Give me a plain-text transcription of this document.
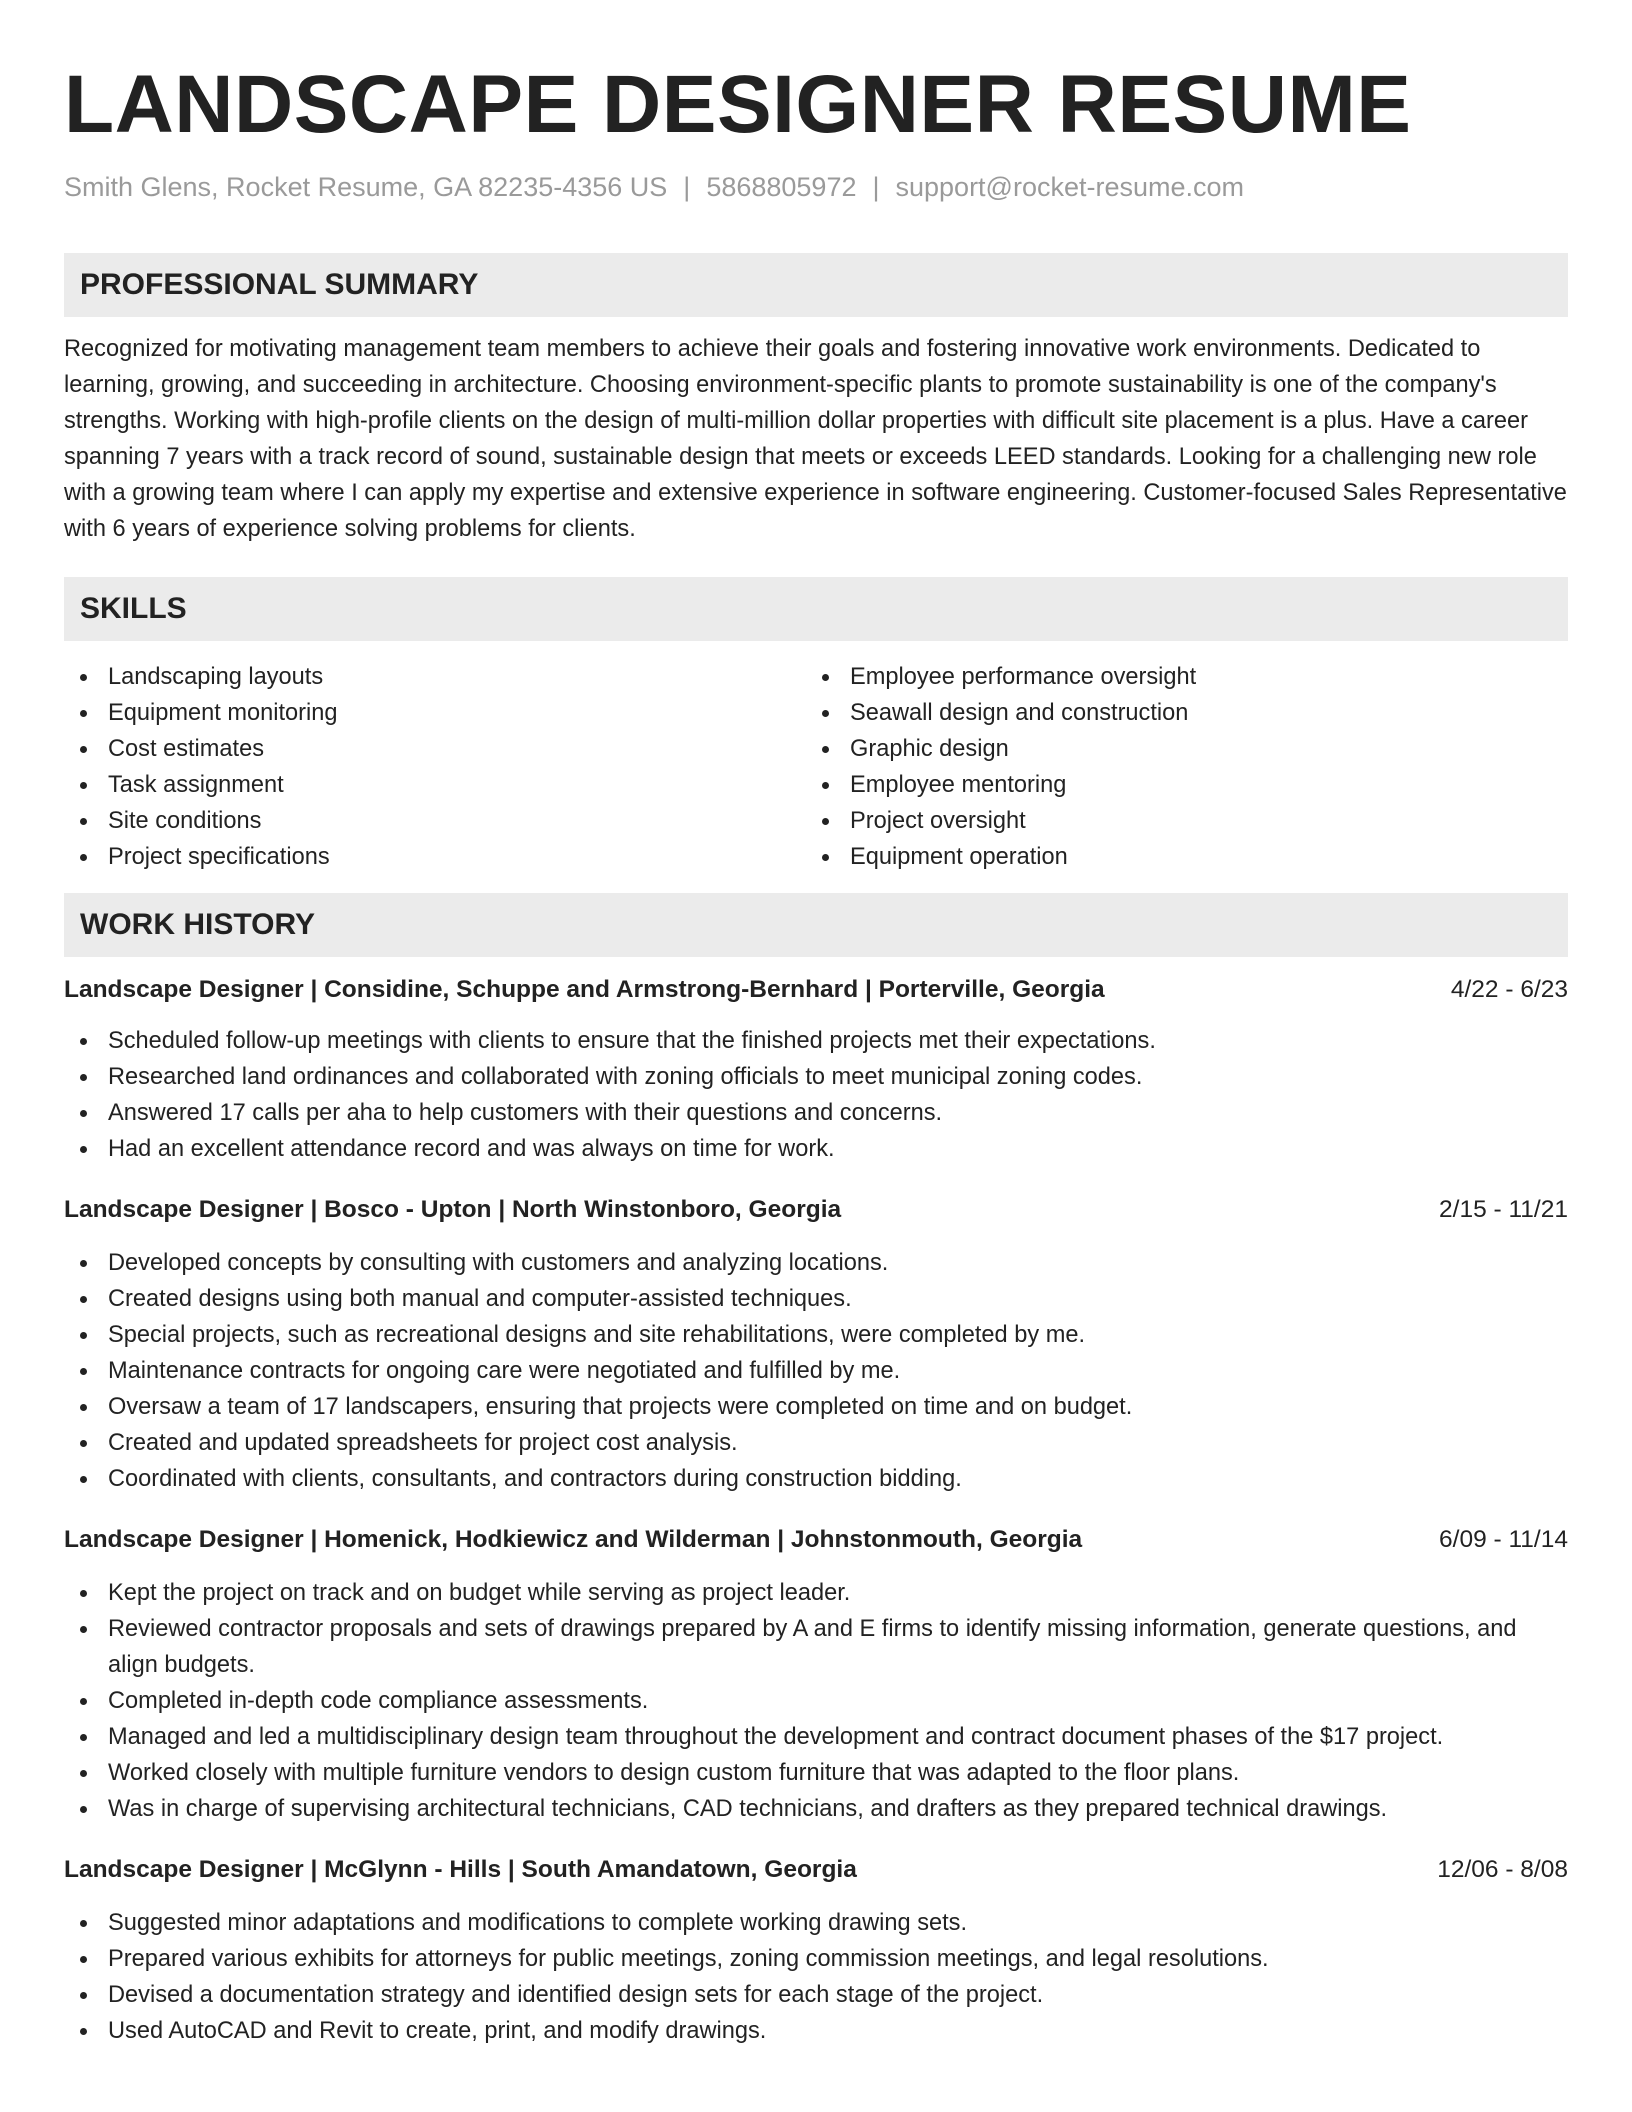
LANDSCAPE DESIGNER RESUME
Smith Glens, Rocket Resume, GA 82235-4356 US | 5868805972 | support@rocket-resume.com
PROFESSIONAL SUMMARY

Recognized for motivating management team members to achieve their goals and fostering innovative work environments. Dedicated to learning, growing, and succeeding in architecture. Choosing environment-specific plants to promote sustainability is one of the company's strengths. Working with high-profile clients on the design of multi-million dollar properties with difficult site placement is a plus. Have a career spanning 7 years with a track record of sound, sustainable design that meets or exceeds LEED standards. Looking for a challenging new role with a growing team where I can apply my expertise and extensive experience in software engineering. Customer-focused Sales Representative with 6 years of experience solving problems for clients.

SKILLS
Landscaping layouts
Equipment monitoring
Cost estimates
Task assignment
Site conditions
Project specifications
Employee performance oversight
Seawall design and construction
Graphic design
Employee mentoring
Project oversight
Equipment operation
WORK HISTORY
Landscape Designer | Considine, Schuppe and Armstrong-Bernhard | Porterville, Georgia	4/22 - 6/23
Scheduled follow-up meetings with clients to ensure that the finished projects met their expectations.
Researched land ordinances and collaborated with zoning officials to meet municipal zoning codes.
Answered 17 calls per aha to help customers with their questions and concerns.
Had an excellent attendance record and was always on time for work.
Landscape Designer | Bosco - Upton | North Winstonboro, Georgia	2/15 - 11/21
Developed concepts by consulting with customers and analyzing locations.
Created designs using both manual and computer-assisted techniques.
Special projects, such as recreational designs and site rehabilitations, were completed by me.
Maintenance contracts for ongoing care were negotiated and fulfilled by me.
Oversaw a team of 17 landscapers, ensuring that projects were completed on time and on budget.
Created and updated spreadsheets for project cost analysis.
Coordinated with clients, consultants, and contractors during construction bidding.
Landscape Designer | Homenick, Hodkiewicz and Wilderman | Johnstonmouth, Georgia	6/09 - 11/14
Kept the project on track and on budget while serving as project leader.
Reviewed contractor proposals and sets of drawings prepared by A and E firms to identify missing information, generate questions, and align budgets.
Completed in-depth code compliance assessments.
Managed and led a multidisciplinary design team throughout the development and contract document phases of the $17 project.
Worked closely with multiple furniture vendors to design custom furniture that was adapted to the floor plans.
Was in charge of supervising architectural technicians, CAD technicians, and drafters as they prepared technical drawings.
Landscape Designer | McGlynn - Hills | South Amandatown, Georgia	12/06 - 8/08
Suggested minor adaptations and modifications to complete working drawing sets.
Prepared various exhibits for attorneys for public meetings, zoning commission meetings, and legal resolutions.
Devised a documentation strategy and identified design sets for each stage of the project.
Used AutoCAD and Revit to create, print, and modify drawings.
